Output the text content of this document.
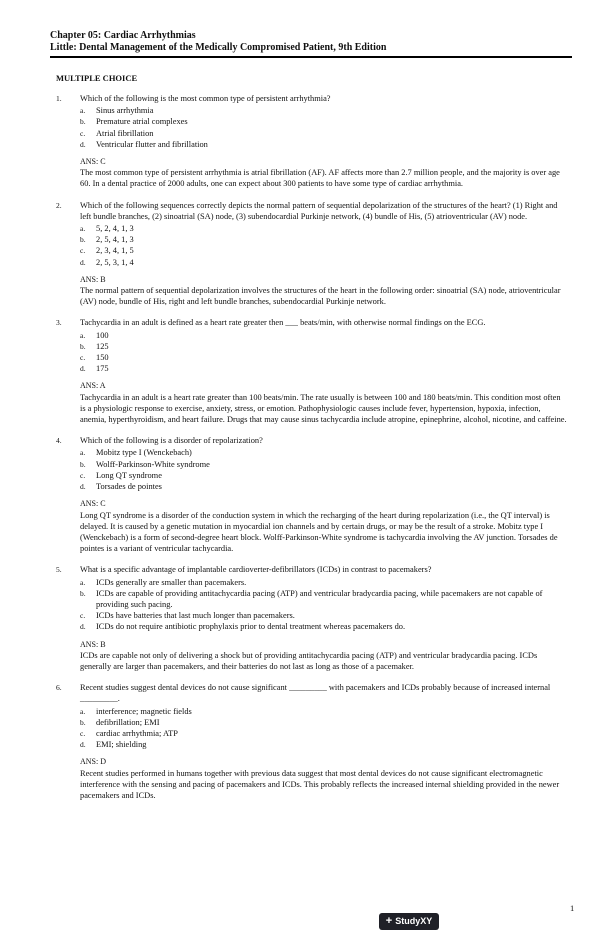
Chapter 05: Cardiac Arrhythmias
Little: Dental Management of the Medically Compromised Patient, 9th Edition
MULTIPLE CHOICE
1.	Which of the following is the most common type of persistent arrhythmia?
a. Sinus arrhythmia
b. Premature atrial complexes
c. Atrial fibrillation
d. Ventricular flutter and fibrillation
ANS: C
The most common type of persistent arrhythmia is atrial fibrillation (AF). AF affects more than 2.7 million people, and the majority is over age 60. In a dental practice of 2000 adults, one can expect about 300 patients to have some type of cardiac arrhythmia.
2.	Which of the following sequences correctly depicts the normal pattern of sequential depolarization of the structures of the heart? (1) Right and left bundle branches, (2) sinoatrial (SA) node, (3) subendocardial Purkinje network, (4) bundle of His, (5) atrioventricular (AV) node.
a. 5, 2, 4, 1, 3
b. 2, 5, 4, 1, 3
c. 2, 3, 4, 1, 5
d. 2, 5, 3, 1, 4
ANS: B
The normal pattern of sequential depolarization involves the structures of the heart in the following order: sinoatrial (SA) node, atrioventricular (AV) node, bundle of His, right and left bundle branches, subendocardial Purkinje network.
3.	Tachycardia in an adult is defined as a heart rate greater then ___ beats/min, with otherwise normal findings on the ECG.
a. 100
b. 125
c. 150
d. 175
ANS: A
Tachycardia in an adult is a heart rate greater than 100 beats/min. The rate usually is between 100 and 180 beats/min. This condition most often is a physiologic response to exercise, anxiety, stress, or emotion. Pathophysiologic causes include fever, hypertension, hypoxia, infection, anemia, hyperthyroidism, and heart failure. Drugs that may cause sinus tachycardia include atropine, epinephrine, alcohol, nicotine, and caffeine.
4.	Which of the following is a disorder of repolarization?
a. Mobitz type I (Wenckebach)
b. Wolff-Parkinson-White syndrome
c. Long QT syndrome
d. Torsades de pointes
ANS: C
Long QT syndrome is a disorder of the conduction system in which the recharging of the heart during repolarization (i.e., the QT interval) is delayed. It is caused by a genetic mutation in myocardial ion channels and by certain drugs, or may be the result of a stroke. Mobitz type I (Wenckebach) is a form of second-degree heart block. Wolff-Parkinson-White syndrome is tachycardia involving the AV junction. Torsades de pointes is a variant of ventricular tachycardia.
5.	What is a specific advantage of implantable cardioverter-defibrillators (ICDs) in contrast to pacemakers?
a. ICDs generally are smaller than pacemakers.
b. ICDs are capable of providing antitachycardia pacing (ATP) and ventricular bradycardia pacing, while pacemakers are not capable of providing such pacing.
c. ICDs have batteries that last much longer than pacemakers.
d. ICDs do not require antibiotic prophylaxis prior to dental treatment whereas pacemakers do.
ANS: B
ICDs are capable not only of delivering a shock but of providing antitachycardia pacing (ATP) and ventricular bradycardia pacing. ICDs generally are larger than pacemakers, and their batteries do not last as long as those of a pacemaker.
6.	Recent studies suggest dental devices do not cause significant _________ with pacemakers and ICDs probably because of increased internal _________.
a. interference; magnetic fields
b. defibrillation; EMI
c. cardiac arrhythmia; ATP
d. EMI; shielding
ANS: D
Recent studies performed in humans together with previous data suggest that most dental devices do not cause significant electromagnetic interference with the sensing and pacing of pacemakers and ICDs. This probably reflects the increased internal shielding provided in the newer pacemakers and ICDs.
1
+ StudyXY
